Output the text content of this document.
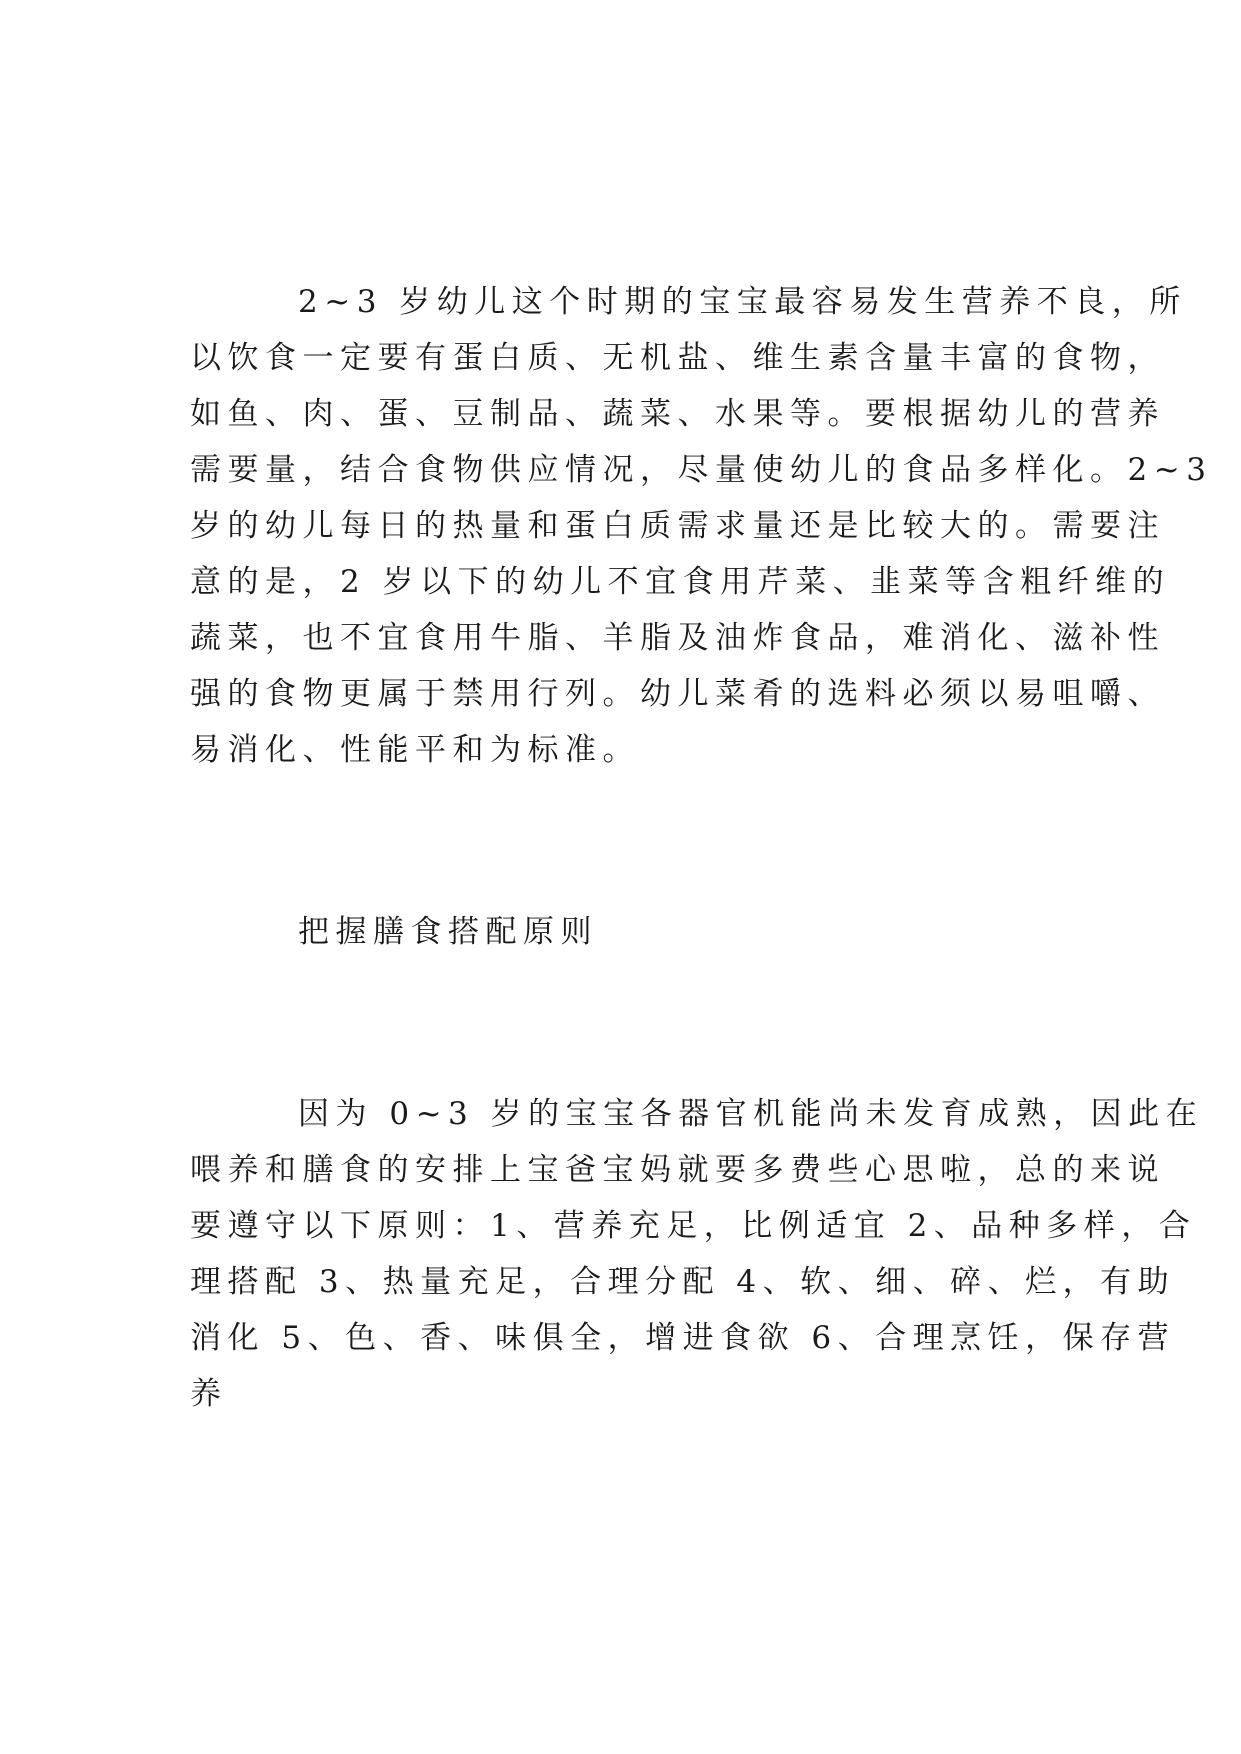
2~3 岁幼儿这个时期的宝宝最容易发生营养不良，所

以饮食一定要有蛋白质、无机盐、维生素含量丰富的食物，

如鱼、肉、蛋、豆制品、蔬菜、水果等。要根据幼儿的营养

需要量，结合食物供应情况，尽量使幼儿的食品多样化。2~3

岁的幼儿每日的热量和蛋白质需求量还是比较大的。需要注

意的是，2 岁以下的幼儿不宜食用芹菜、韭菜等含粗纤维的

蔬菜，也不宜食用牛脂、羊脂及油炸食品，难消化、滋补性

强的食物更属于禁用行列。幼儿菜肴的选料必须以易咀嚼、

易消化、性能平和为标准。

把握膳食搭配原则

因为 0~3 岁的宝宝各器官机能尚未发育成熟，因此在

喂养和膳食的安排上宝爸宝妈就要多费些心思啦，总的来说

要遵守以下原则：1、营养充足，比例适宜 2、品种多样，合

理搭配 3、热量充足，合理分配 4、软、细、碎、烂，有助

消化 5、色、香、味俱全，增进食欲 6、合理烹饪，保存营

养
